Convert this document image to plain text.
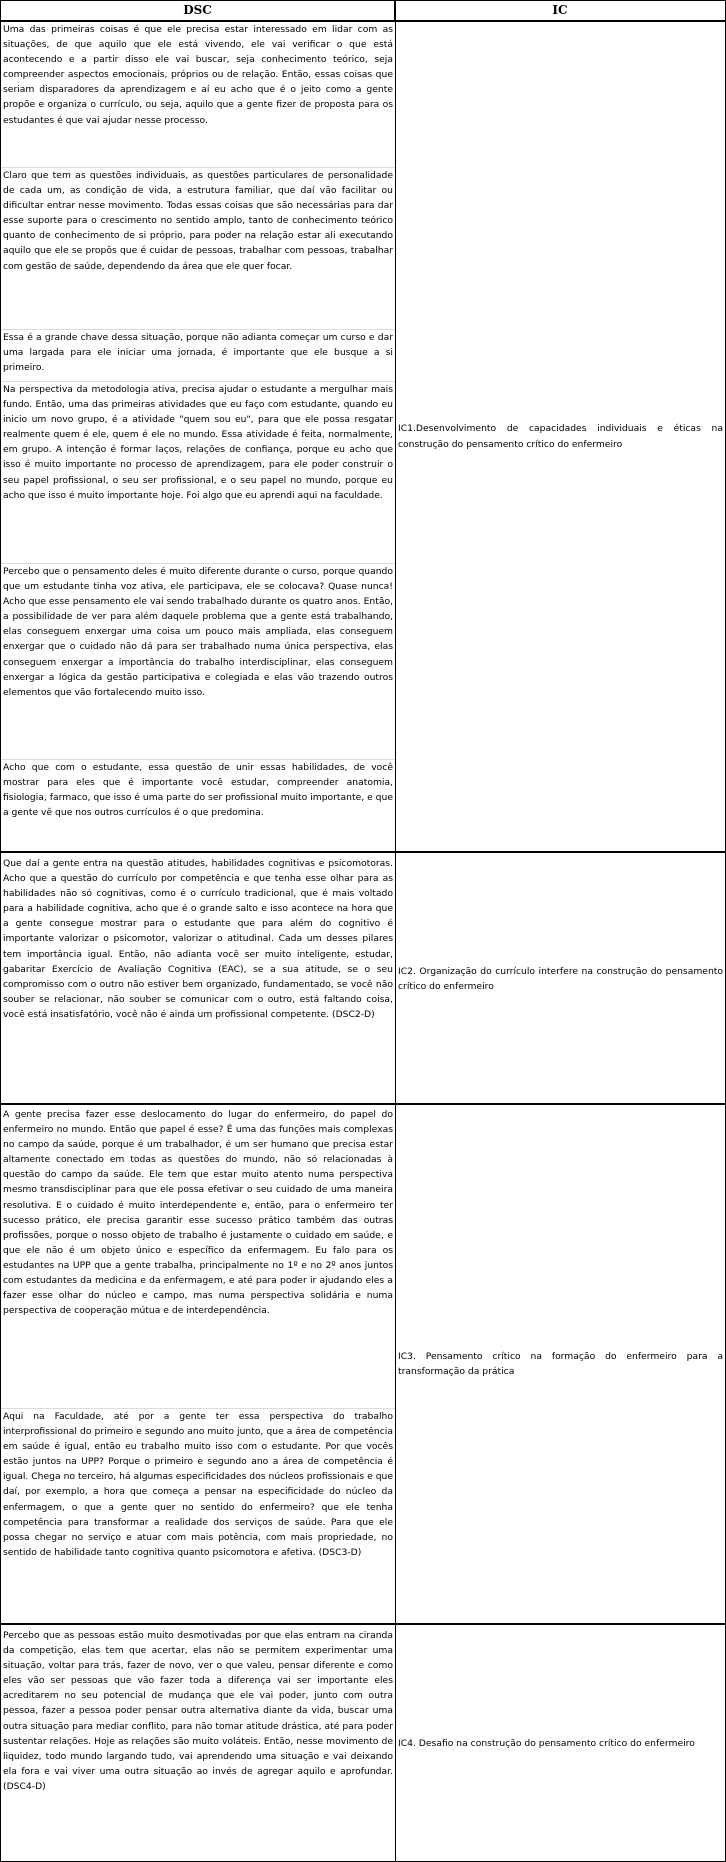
DSC	IC
Uma das primeiras coisas é que ele precisa estar interessado em lidar com as situações, de que aquilo que ele está vivendo, ele vai verificar o que está acontecendo e a partir disso ele vai buscar, seja conhecimento teórico, seja compreender aspectos emocionais, próprios ou de relação. Então, essas coisas que seriam disparadores da aprendizagem e aí eu acho que é o jeito como a gente propõe e organiza o currículo, ou seja, aquilo que a gente fizer de proposta para os estudantes é que vai ajudar nesse processo.
Claro que tem as questões individuais, as questões particulares de personalidade de cada um, as condição de vida, a estrutura familiar, que daí vão facilitar ou dificultar entrar nesse movimento. Todas essas coisas que são necessárias para dar esse suporte para o crescimento no sentido amplo, tanto de conhecimento teórico quanto de conhecimento de si próprio, para poder na relação estar ali executando aquilo que ele se propôs que é cuidar de pessoas, trabalhar com pessoas, trabalhar com gestão de saúde, dependendo da área que ele quer focar.
Essa é a grande chave dessa situação, porque não adianta começar um curso e dar uma largada para ele iniciar uma jornada, é importante que ele busque a si primeiro.
Na perspectiva da metodologia ativa, precisa ajudar o estudante a mergulhar mais fundo. Então, uma das primeiras atividades que eu faço com estudante, quando eu inicio um novo grupo, é a atividade "quem sou eu", para que ele possa resgatar realmente quem é ele, quem é ele no mundo. Essa atividade é feita, normalmente, em grupo. A intenção é formar laços, relações de confiança, porque eu acho que isso é muito importante no processo de aprendizagem, para ele poder construir o seu papel profissional, o seu ser profissional, e o seu papel no mundo, porque eu acho que isso é muito importante hoje. Foi algo que eu aprendi aqui na faculdade.
Percebo que o pensamento deles é muito diferente durante o curso, porque quando que um estudante tinha voz ativa, ele participava, ele se colocava? Quase nunca! Acho que esse pensamento ele vai sendo trabalhado durante os quatro anos. Então, a possibilidade de ver para além daquele problema que a gente está trabalhando, elas conseguem enxergar uma coisa um pouco mais ampliada, elas conseguem enxergar que o cuidado não dá para ser trabalhado numa única perspectiva, elas conseguem enxergar a importância do trabalho interdisciplinar, elas conseguem enxergar a lógica da gestão participativa e colegiada e elas vão trazendo outros elementos que vão fortalecendo muito isso.
Acho que com o estudante, essa questão de unir essas habilidades, de você mostrar para eles que é importante você estudar, compreender anatomia, fisiologia, farmaco, que isso é uma parte do ser profissional muito importante, e que a gente vê que nos outros currículos é o que predomina.
IC1.Desenvolvimento de capacidades individuais e éticas na construção do pensamento crítico do enfermeiro
Que daí a gente entra na questão atitudes, habilidades cognitivas e psicomotoras. Acho que a questão do currículo por competência e que tenha esse olhar para as habilidades não só cognitivas, como é o currículo tradicional, que é mais voltado para a habilidade cognitiva, acho que é o grande salto e isso acontece na hora que a gente consegue mostrar para o estudante que para além do cognitivo é importante valorizar o psicomotor, valorizar o atitudinal. Cada um desses pilares tem importância igual. Então, não adianta você ser muito inteligente, estudar, gabaritar Exercício de Avaliação Cognitiva (EAC), se a sua atitude, se o seu compromisso com o outro não estiver bem organizado, fundamentado, se você não souber se relacionar, não souber se comunicar com o outro, está faltando coisa, você está insatisfatório, você não é ainda um profissional competente. (DSC2-D)
IC2. Organização do currículo interfere na construção do pensamento crítico do enfermeiro
A gente precisa fazer esse deslocamento do lugar do enfermeiro, do papel do enfermeiro no mundo. Então que papel é esse? É uma das funções mais complexas no campo da saúde, porque é um trabalhador, é um ser humano que precisa estar altamente conectado em todas as questões do mundo, não só relacionadas à questão do campo da saúde. Ele tem que estar muito atento numa perspectiva mesmo transdisciplinar para que ele possa efetivar o seu cuidado de uma maneira resolutiva. E o cuidado é muito interdependente e, então, para o enfermeiro ter sucesso prático, ele precisa garantir esse sucesso prático também das outras profissões, porque o nosso objeto de trabalho é justamente o cuidado em saúde, e que ele não é um objeto único e específico da enfermagem. Eu falo para os estudantes na UPP que a gente trabalha, principalmente no 1º e no 2º anos juntos com estudantes da medicina e da enfermagem, e até para poder ir ajudando eles a fazer esse olhar do núcleo e campo, mas numa perspectiva solidária e numa perspectiva de cooperação mútua e de interdependência.
Aqui na Faculdade, até por a gente ter essa perspectiva do trabalho interprofissional do primeiro e segundo ano muito junto, que a área de competência em saúde é igual, então eu trabalho muito isso com o estudante. Por que vocês estão juntos na UPP? Porque o primeiro e segundo ano a área de competência é igual. Chega no terceiro, há algumas especificidades dos núcleos profissionais e que daí, por exemplo, a hora que começa a pensar na especificidade do núcleo da enfermagem, o que a gente quer no sentido do enfermeiro? que ele tenha competência para transformar a realidade dos serviços de saúde. Para que ele possa chegar no serviço e atuar com mais potência, com mais propriedade, no sentido de habilidade tanto cognitiva quanto psicomotora e afetiva. (DSC3-D)
IC3. Pensamento crítico na formação do enfermeiro para a transformação da prática
Percebo que as pessoas estão muito desmotivadas por que elas entram na ciranda da competição, elas tem que acertar, elas não se permitem experimentar uma situação, voltar para trás, fazer de novo, ver o que valeu, pensar diferente e como eles vão ser pessoas que vão fazer toda a diferença vai ser importante eles acreditarem no seu potencial de mudança que ele vai poder, junto com outra pessoa, fazer a pessoa poder pensar outra alternativa diante da vida, buscar uma outra situação para mediar conflito, para não tomar atitude drástica, até para poder sustentar relações. Hoje as relações são muito voláteis. Então, nesse movimento de liquidez, todo mundo largando tudo, vai aprendendo uma situação e vai deixando ela fora e vai viver uma outra situação ao invés de agregar aquilo e aprofundar. (DSC4-D)
IC4. Desafio na construção do pensamento crítico do enfermeiro
